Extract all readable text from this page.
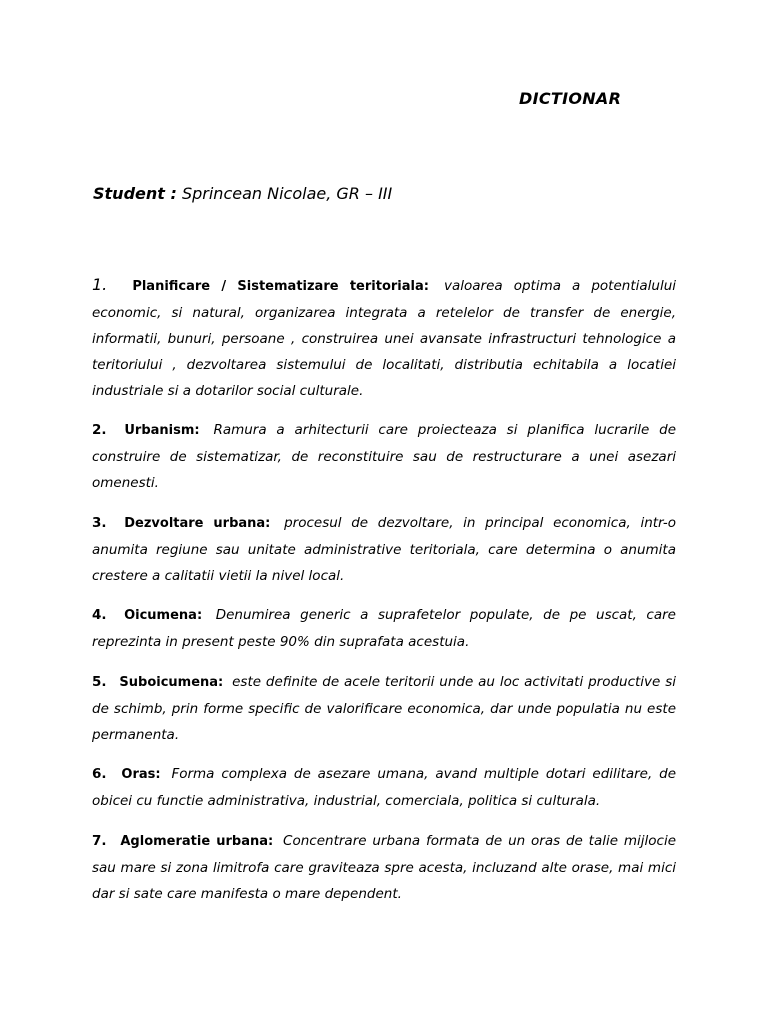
DICTIONAR
Student : Sprincean Nicolae, GR – III

1. Planificare / Sistematizare teritoriala: valoarea optima a potentialului economic, si natural, organizarea integrata a retelelor de transfer de energie, informatii, bunuri, persoane , construirea unei avansate infrastructuri tehnologice a teritoriului , dezvoltarea sistemului de localitati, distributia echitabila a locatiei industriale si a dotarilor social culturale.

2. Urbanism: Ramura a arhitecturii care proiecteaza si planifica lucrarile de construire de sistematizar, de reconstituire sau de restructurare a unei asezari omenesti.

3. Dezvoltare urbana: procesul de dezvoltare, in principal economica, intr-o anumita regiune sau unitate administrative teritoriala, care determina o anumita crestere a calitatii vietii la nivel local.

4. Oicumena: Denumirea generic a suprafetelor populate, de pe uscat, care reprezinta in present peste 90% din suprafata acestuia.

5. Suboicumena: este definite de acele teritorii unde au loc activitati productive si de schimb, prin forme specific de valorificare economica, dar unde populatia nu este permanenta.

6. Oras: Forma complexa de asezare umana, avand multiple dotari edilitare, de obicei cu functie administrativa, industrial, comerciala, politica si culturala.

7. Aglomeratie urbana: Concentrare urbana formata de un oras de talie mijlocie sau mare si zona limitrofa care graviteaza spre acesta, incluzand alte orase, mai mici dar si sate care manifesta o mare dependent.
